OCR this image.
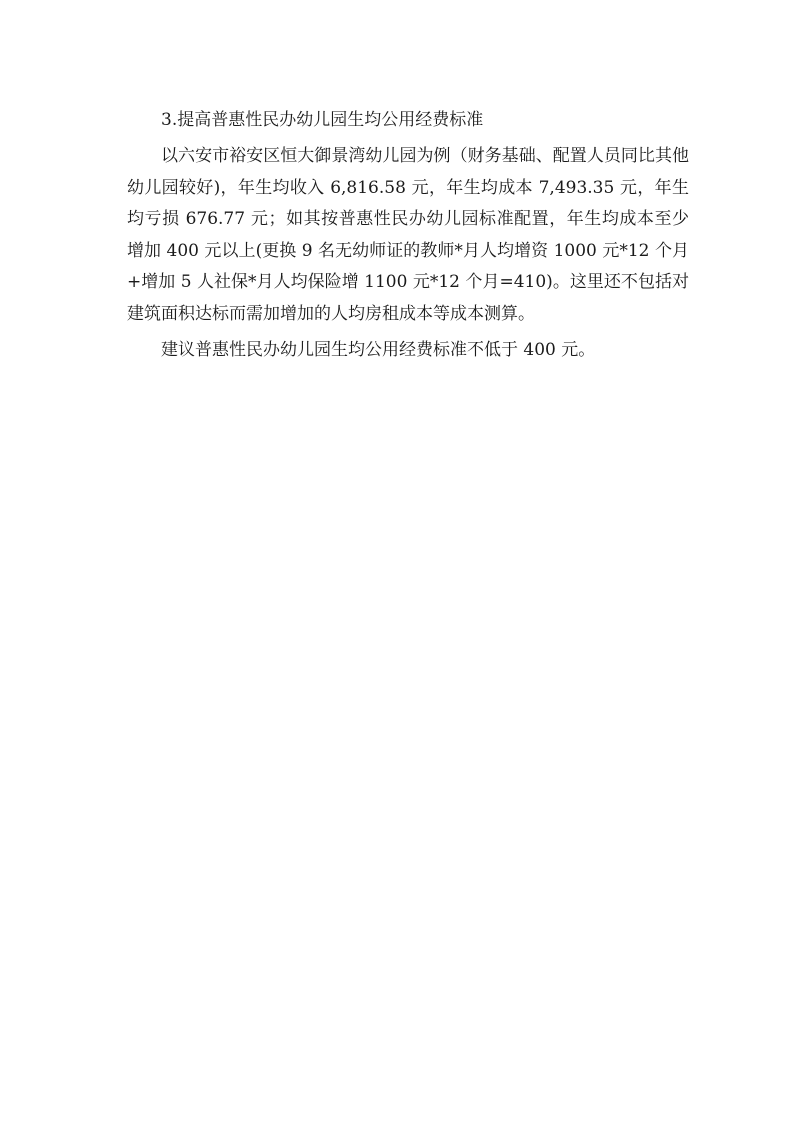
3.提高普惠性民办幼儿园生均公用经费标准

以六安市裕安区恒大御景湾幼儿园为例（财务基础、配置人员同比其他幼儿园较好)，年生均收入 6,816.58 元，年生均成本 7,493.35 元，年生均亏损 676.77 元；如其按普惠性民办幼儿园标准配置，年生均成本至少增加 400 元以上(更换 9 名无幼师证的教师*月人均增资 1000 元*12 个月+增加 5 人社保*月人均保险增 1100 元*12 个月=410)。这里还不包括对建筑面积达标而需加增加的人均房租成本等成本测算。

建议普惠性民办幼儿园生均公用经费标准不低于 400 元。
